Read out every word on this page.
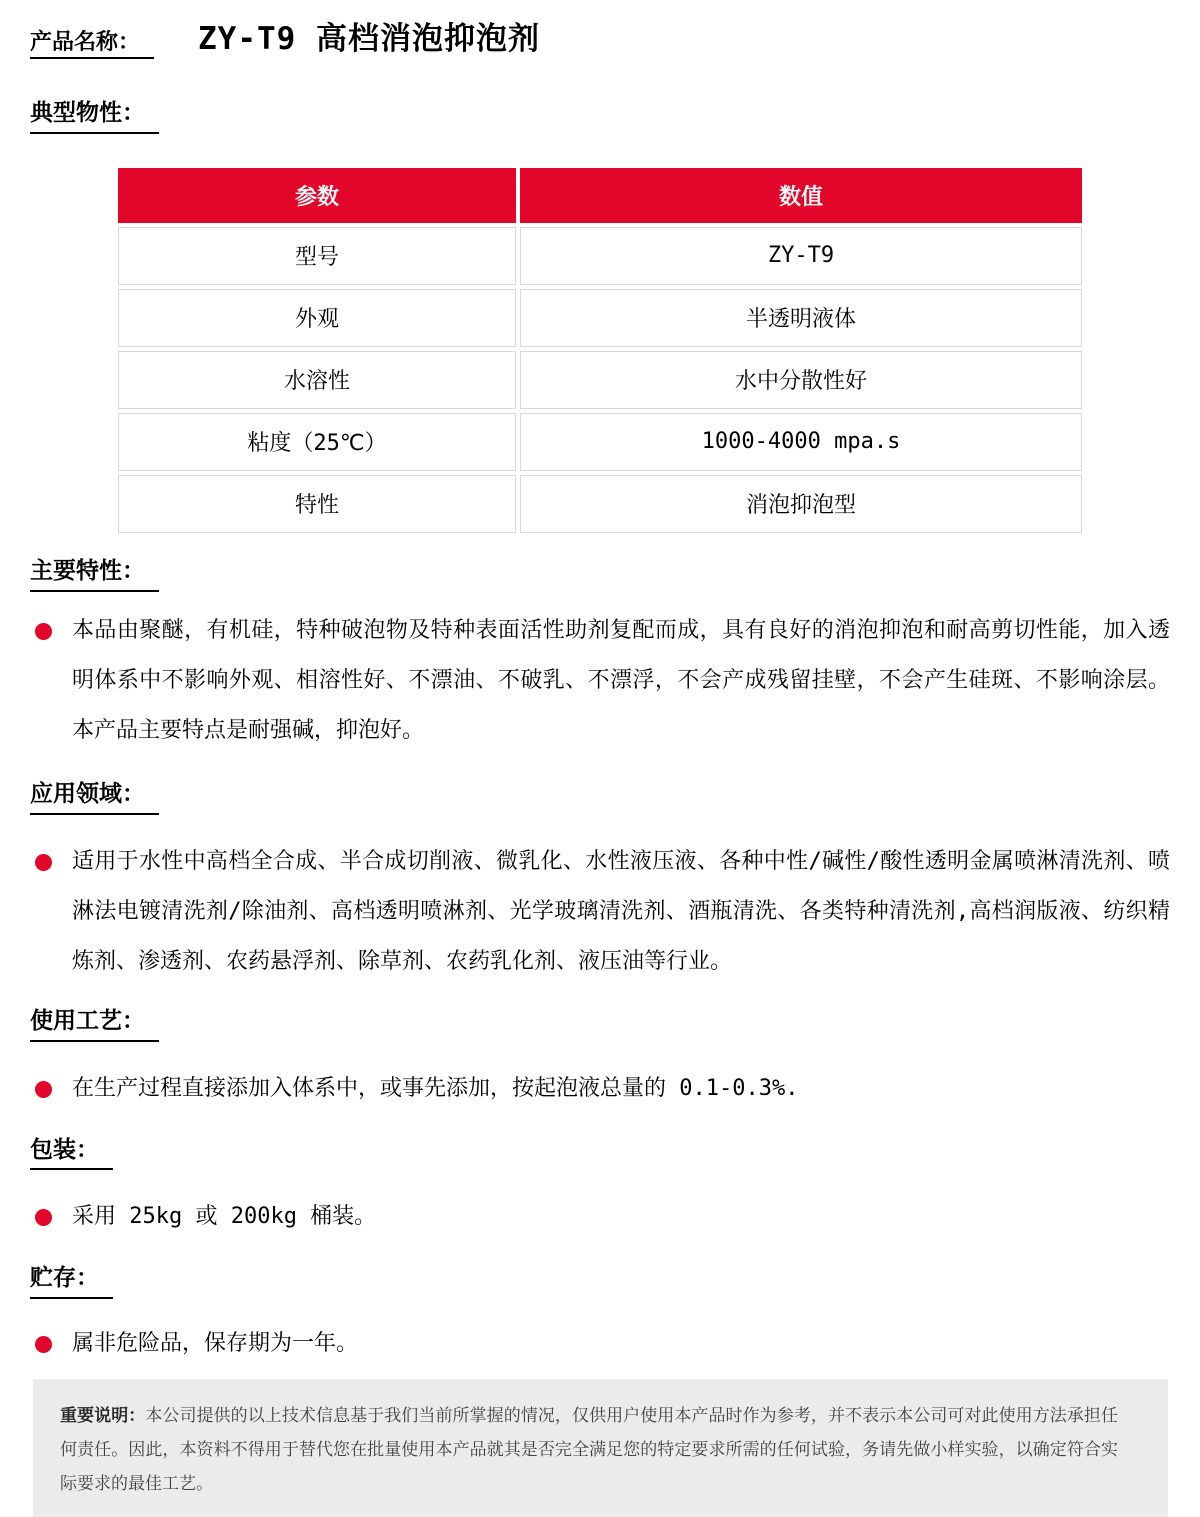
产品名称：	ZY-T9 高档消泡抑泡剂
典型物性：
参数	数值
型号	ZY-T9
外观	半透明液体
水溶性	水中分散性好
粘度（25℃）	1000-4000 mpa.s
特性	消泡抑泡型
主要特性：
本品由聚醚，有机硅，特种破泡物及特种表面活性助剂复配而成，具有良好的消泡抑泡和耐高剪切性能，加入透明体系中不影响外观、相溶性好、不漂油、不破乳、不漂浮，不会产成残留挂壁，不会产生硅斑、不影响涂层。本产品主要特点是耐强碱，抑泡好。
应用领域：
适用于水性中高档全合成、半合成切削液、微乳化、水性液压液、各种中性/碱性/酸性透明金属喷淋清洗剂、喷淋法电镀清洗剂/除油剂、高档透明喷淋剂、光学玻璃清洗剂、酒瓶清洗、各类特种清洗剂,高档润版液、纺织精炼剂、渗透剂、农药悬浮剂、除草剂、农药乳化剂、液压油等行业。
使用工艺：
在生产过程直接添加入体系中，或事先添加，按起泡液总量的 0.1-0.3%.
包装：
采用 25kg 或 200kg 桶装。
贮存：
属非危险品，保存期为一年。
重要说明：本公司提供的以上技术信息基于我们当前所掌握的情况，仅供用户使用本产品时作为参考，并不表示本公司可对此使用方法承担任何责任。因此，本资料不得用于替代您在批量使用本产品就其是否完全满足您的特定要求所需的任何试验，务请先做小样实验，以确定符合实际要求的最佳工艺。
